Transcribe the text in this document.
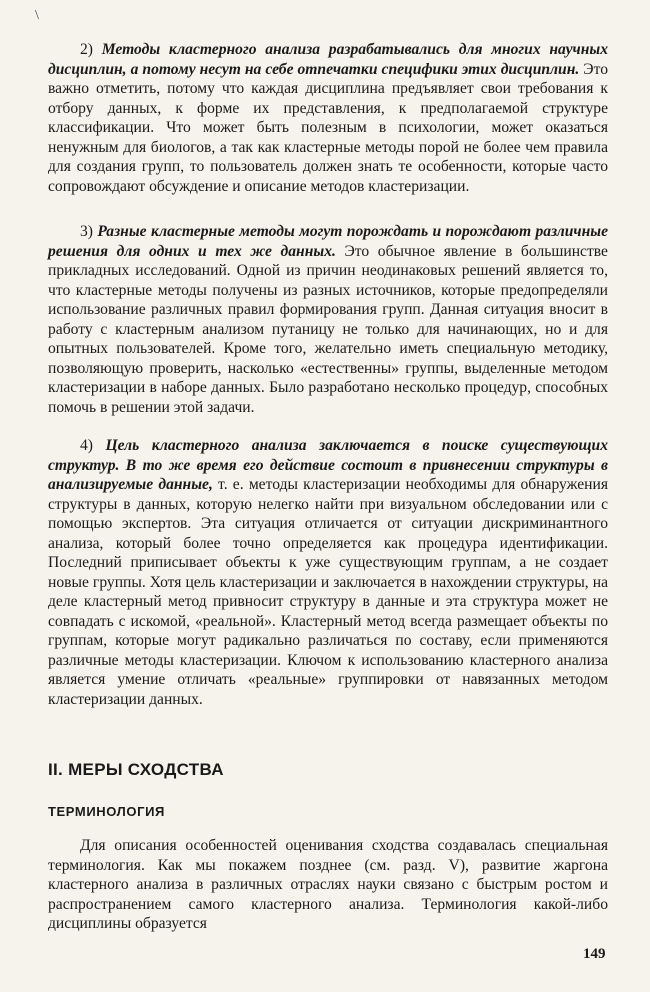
\

2) Методы кластерного анализа разрабатывались для многих научных дисциплин, а потому несут на себе отпечатки специфики этих дисциплин. Это важно отметить, потому что каждая дисциплина предъявляет свои требования к отбору данных, к форме их представления, к предполагаемой структуре классификации. Что может быть полезным в психологии, может оказаться ненужным для биологов, а так как кластерные методы порой не более чем правила для создания групп, то пользователь должен знать те особенности, которые часто сопровождают обсуждение и описание методов кластеризации.

3) Разные кластерные методы могут порождать и порождают различные решения для одних и тех же данных. Это обычное явление в большинстве прикладных исследований. Одной из причин неодинаковых решений является то, что кластерные методы получены из разных источников, которые предопределяли использование различных правил формирования групп. Данная ситуация вносит в работу с кластерным анализом путаницу не только для начинающих, но и для опытных пользователей. Кроме того, желательно иметь специальную методику, позволяющую проверить, насколько «естественны» группы, выделенные методом кластеризации в наборе данных. Было разработано несколько процедур, способных помочь в решении этой задачи.

4) Цель кластерного анализа заключается в поиске существующих структур. В то же время его действие состоит в привнесении структуры в анализируемые данные, т. е. методы кластеризации необходимы для обнаружения структуры в данных, которую нелегко найти при визуальном обследовании или с помощью экспертов. Эта ситуация отличается от ситуации дискриминантного анализа, который более точно определяется как процедура идентификации. Последний приписывает объекты к уже существующим группам, а не создает новые группы. Хотя цель кластеризации и заключается в нахождении структуры, на деле кластерный метод привносит структуру в данные и эта структура может не совпадать с искомой, «реальной». Кластерный метод всегда размещает объекты по группам, которые могут радикально различаться по составу, если применяются различные методы кластеризации. Ключом к использованию кластерного анализа является умение отличать «реальные» группировки от навязанных методом кластеризации данных.

II. МЕРЫ СХОДСТВА
ТЕРМИНОЛОГИЯ

Для описания особенностей оценивания сходства создавалась специальная терминология. Как мы покажем позднее (см. разд. V), развитие жаргона кластерного анализа в различных отраслях науки связано с быстрым ростом и распространением самого кластерного анализа. Терминология какой-либо дисциплины образуется

149
